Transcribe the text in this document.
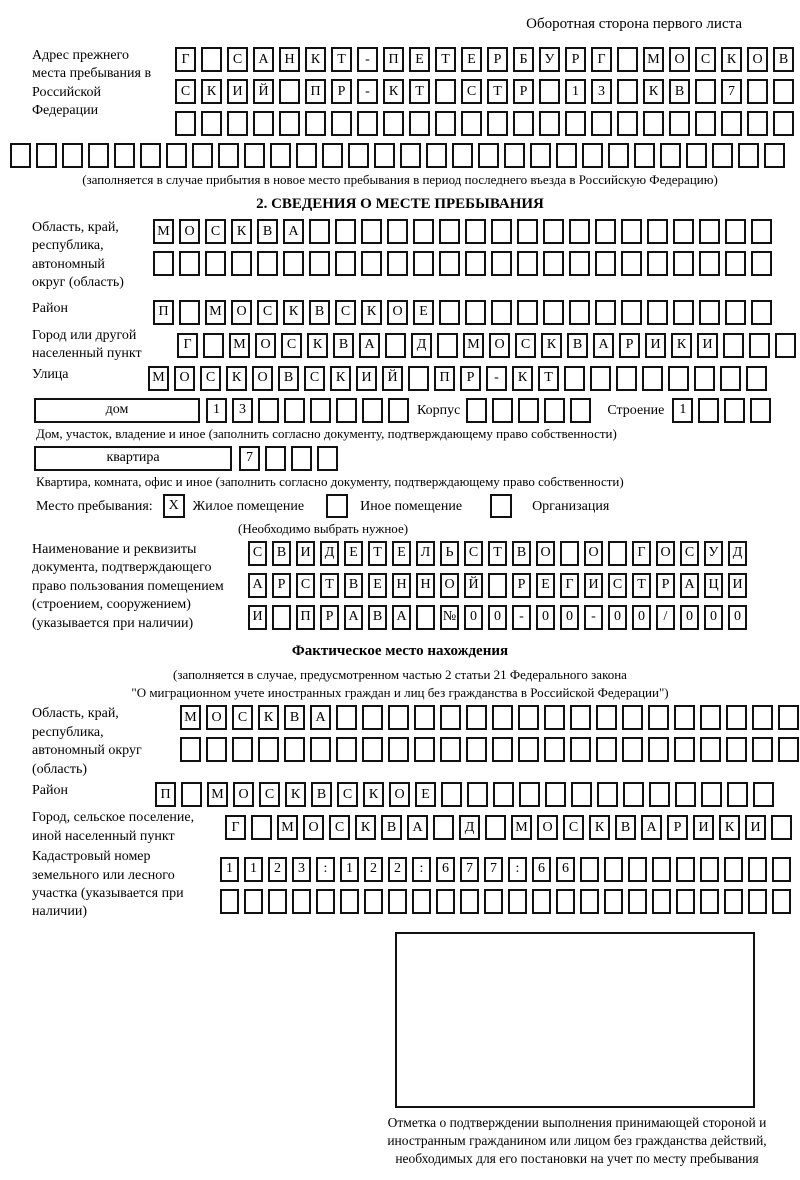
Оборотная сторона первого листа
Адрес прежнего места пребывания в Российской Федерации
Г	С	А	Н	К	Т	-	П	Е	Т	Е	Р	Б	У	Р	Г	М	О	С	К	О	В
С	К	И	Й	П	Р	-	К	Т	С	Т	Р	1	3	К	В	7
(заполняется в случае прибытия в новое место пребывания в период последнего въезда в Российскую Федерацию)
2. СВЕДЕНИЯ О МЕСТЕ ПРЕБЫВАНИЯ
Область, край, республика, автономный округ (область)
М	О	С	К	В	А
Район	П	М	О	С	К	В	С	К	О	Е
Город или другой населенный пункт
Г	М	О	С	К	В	А	Д	М	О	С	К	В	А	Р	И	К	И
Улица	М	О	С	К	О	В	С	К	И	Й	П	Р	-	К	Т
дом	1	3	Корпус	Строение	1
Дом, участок, владение и иное (заполнить согласно документу, подтверждающему право собственности)
квартира	7
Квартира, комната, офис и иное (заполнить согласно документу, подтверждающему право собственности)
Место пребывания:	Х Жилое помещение	Иное помещение	Организация
(Необходимо выбрать нужное)
Наименование и реквизиты документа, подтверждающего право пользования помещением (строением, сооружением) (указывается при наличии)
С	В	И	Д	Е	Т	Е	Л	Ь	С	Т	В	О	О	Г	О	С	У	Д
А	Р	С	Т	В	Е	Н Н О Й	Р	Е	Г	И	С	Т	Р	А Ц И
И	П	Р	А	В	А	№ 0	0	-	0	0	-	0	0	/	0	0	0
Фактическое место нахождения
(заполняется в случае, предусмотренном частью 2 статьи 21 Федерального закона
"О миграционном учете иностранных граждан и лиц без гражданства в Российской Федерации")
Область, край, республика, автономный округ (область)
М	О	С	К	В	А
Район	П	М	О	С	К	В	С	К	О	Е
Город, сельское поселение, иной населенный пункт
Г	М	О	С	К	В	А	Д	М	О	С	К	В	А	Р	И	К	И
Кадастровый номер земельного или лесного участка (указывается при наличии)
1	1	2	3	:	1	2	2	:	6	7	7	:	6	6
Отметка о подтверждении выполнения принимающей стороной и иностранным гражданином или лицом без гражданства действий, необходимых для его постановки на учет по месту пребывания
